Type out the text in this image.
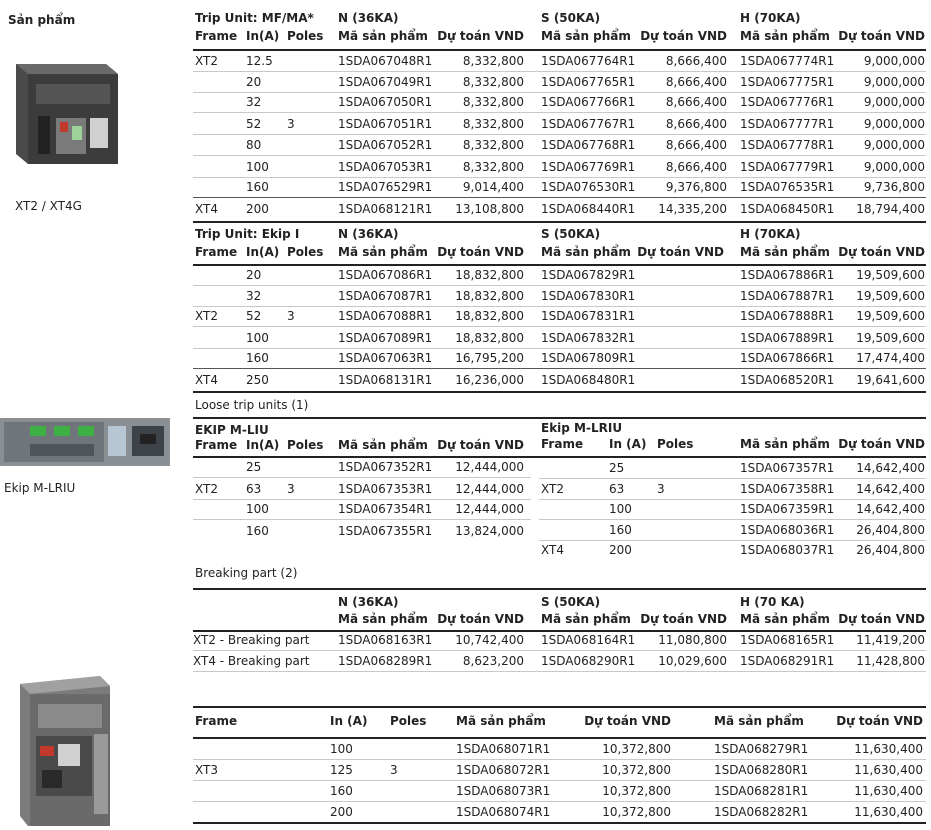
Sản phẩm
XT2 / XT4G
Ekip M-LRIU
Trip Unit: MF/MA* N (36KA)	S (50KA)	H (70KA)
Frame In(A) Poles Mã sản phẩm Dự toán VND Mã sản phẩm Dự toán VND Mã sản phẩm Dự toán VND
XT2 12.5	1SDA067048R1	8,332,800 1SDA067764R1	8,666,400 1SDA067774R1	9,000,000
20	1SDA067049R1	8,332,800 1SDA067765R1	8,666,400 1SDA067775R1	9,000,000
32	1SDA067050R1	8,332,800 1SDA067766R1	8,666,400 1SDA067776R1	9,000,000
52 3	1SDA067051R1	8,332,800 1SDA067767R1	8,666,400 1SDA067777R1	9,000,000
80	1SDA067052R1	8,332,800 1SDA067768R1	8,666,400 1SDA067778R1	9,000,000
100	1SDA067053R1	8,332,800 1SDA067769R1	8,666,400 1SDA067779R1	9,000,000
160	1SDA076529R1	9,014,400 1SDA076530R1	9,376,800 1SDA076535R1	9,736,800
XT4 200	1SDA068121R1	13,108,800 1SDA068440R1	14,335,200 1SDA068450R1	18,794,400
Trip Unit: Ekip I	N (36KA)	S (50KA)	H (70KA)
Frame In(A) Poles Mã sản phẩm Dự toán VND Mã sản phẩm Dự toán VND Mã sản phẩm Dự toán VND
20	1SDA067086R1	18,832,800 1SDA067829R1	1SDA067886R1	19,509,600
32	1SDA067087R1	18,832,800 1SDA067830R1	1SDA067887R1	19,509,600
XT2 52 3	1SDA067088R1	18,832,800 1SDA067831R1	1SDA067888R1	19,509,600
100	1SDA067089R1	18,832,800 1SDA067832R1	1SDA067889R1	19,509,600
160	1SDA067063R1	16,795,200 1SDA067809R1	1SDA067866R1	17,474,400
XT4 250	1SDA068131R1	16,236,000 1SDA068480R1	1SDA068520R1	19,641,600
Loose trip units (1)
EKIP M-LIU	Ekip M-LRIU
Frame In(A) Poles Mã sản phẩm Dự toán VND Frame In (A) Poles	Mã sản phẩm Dự toán VND
25	1SDA067352R1	12,444,000
XT2 63 3	1SDA067353R1	12,444,000
100	1SDA067354R1	12,444,000
160	1SDA067355R1	13,824,000
25	1SDA067357R1	14,642,400
XT2	63	3	1SDA067358R1	14,642,400
100	1SDA067359R1	14,642,400
160	1SDA068036R1	26,404,800
XT4	200	1SDA068037R1	26,404,800
Breaking part (2)
N (36KA)	S (50KA)	H (70 KA)
Mã sản phẩm Dự toán VND Mã sản phẩm Dự toán VND Mã sản phẩm Dự toán VND
XT2 - Breaking part 1SDA068163R1	10,742,400 1SDA068164R1	11,080,800 1SDA068165R1	11,419,200
XT4 - Breaking part 1SDA068289R1	8,623,200 1SDA068290R1	10,029,600 1SDA068291R1	11,428,800
Frame	In (A) Poles Mã sản phẩm	Dự toán VND	Mã sản phẩm	Dự toán VND
100	1SDA068071R1	10,372,800	1SDA068279R1	11,630,400
XT3	125	3	1SDA068072R1	10,372,800	1SDA068280R1	11,630,400
160	1SDA068073R1	10,372,800	1SDA068281R1	11,630,400
200	1SDA068074R1	10,372,800	1SDA068282R1	11,630,400
